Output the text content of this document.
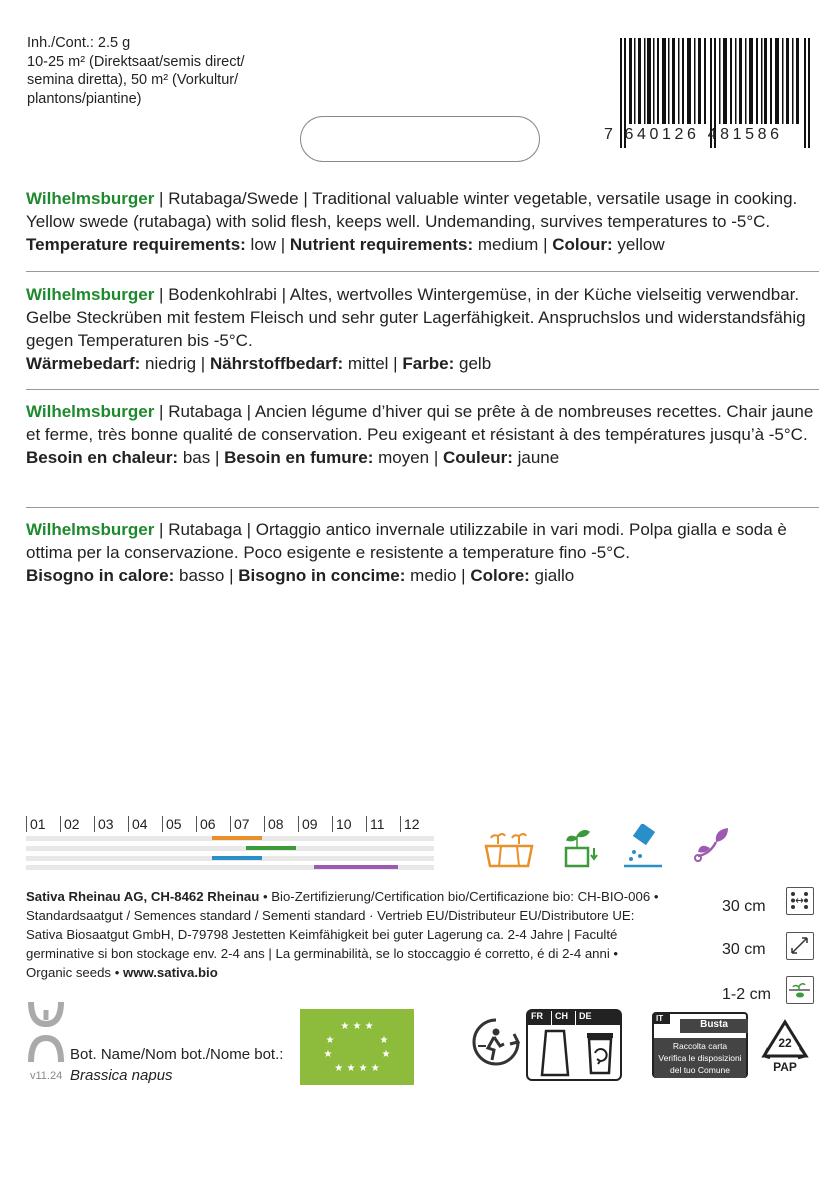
Inh./Cont.: 2.5 g
10-25 m² (Direktsaat/semis direct/
semina diretta), 50 m² (Vorkultur/
plantons/piantine)
7 640126 481586
Wilhelmsburger | Rutabaga/Swede | Traditional valuable winter vegetable, versatile usage in cooking. Yellow swede (rutabaga) with solid flesh, keeps well. Undemanding, survives temperatures to -5°C.
Temperature requirements: low | Nutrient requirements: medium | Colour: yellow
Wilhelmsburger | Bodenkohlrabi | Altes, wertvolles Wintergemüse, in der Küche vielseitig verwendbar. Gelbe Steckrüben mit festem Fleisch und sehr guter Lagerfähigkeit. Anspruchslos und widerstandsfähig gegen Temperaturen bis -5°C.
Wärmebedarf: niedrig | Nährstoffbedarf: mittel | Farbe: gelb
Wilhelmsburger | Rutabaga | Ancien légume d’hiver qui se prête à de nombreuses recettes. Chair jaune et ferme, très bonne qualité de conservation. Peu exigeant et résistant à des températures jusqu’à -5°C.
Besoin en chaleur: bas | Besoin en fumure: moyen | Couleur: jaune
Wilhelmsburger | Rutabaga | Ortaggio antico invernale utilizzabile in vari modi. Polpa gialla e soda è ottima per la conservazione. Poco esigente e resistente a temperature fino -5°C.
Bisogno in calore: basso | Bisogno in concime: medio | Colore: giallo
01 02 03 04 05 06 07 08 09 10 11 12
Sativa Rheinau AG, CH-8462 Rheinau • Bio-Zertifizierung/Certification bio/Certificazione bio: CH-BIO-006 • Standardsaatgut / Semences standard / Sementi standard · Vertrieb EU/Distributeur EU/Distributore UE: Sativa Biosaatgut GmbH, D-79798 Jestetten Keimfähigkeit bei guter Lagerung ca. 2-4 Jahre | Faculté germinative si bon stockage env. 2-4 ans | La germinabilità, se lo stoccaggio é corretto, é di 2-4 anni • Organic seeds • www.sativa.bio
30 cm
30 cm
1-2 cm
Bot. Name/Nom bot./Nome bot.:
Brassica napus
v11.24
★ ★ ★
★	★
★	★
★ ★ ★ ★
FR	CH	DE	IT
Busta
Raccolta carta
Verifica le disposizioni
del tuo Comune
22
PAP
